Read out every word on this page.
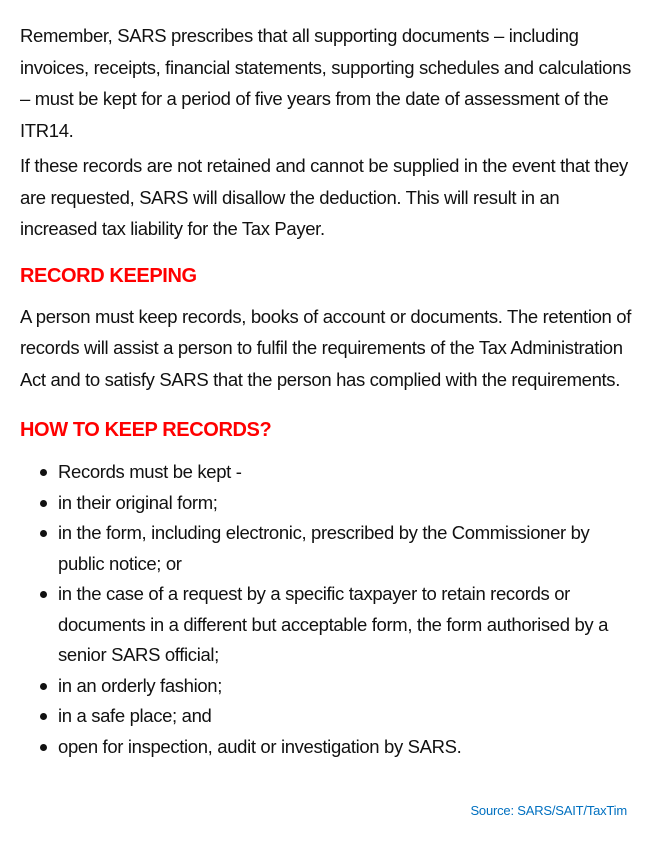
Remember, SARS prescribes that all supporting documents – including invoices, receipts, financial statements, supporting schedules and calculations – must be kept for a period of five years from the date of assessment of the ITR14.

If these records are not retained and cannot be supplied in the event that they are requested, SARS will disallow the deduction. This will result in an increased tax liability for the Tax Payer.

RECORD KEEPING

A person must keep records, books of account or documents. The retention of records will assist a person to fulfil the requirements of the Tax Administration Act and to satisfy SARS that the person has complied with the requirements.

HOW TO KEEP RECORDS?
Records must be kept -
in their original form;
in the form, including electronic, prescribed by the Commissioner by public notice; or
in the case of a request by a specific taxpayer to retain records or documents in a different but acceptable form, the form authorised by a senior SARS official;
in an orderly fashion;
in a safe place; and
open for inspection, audit or investigation by SARS.
Source: SARS/SAIT/TaxTim
